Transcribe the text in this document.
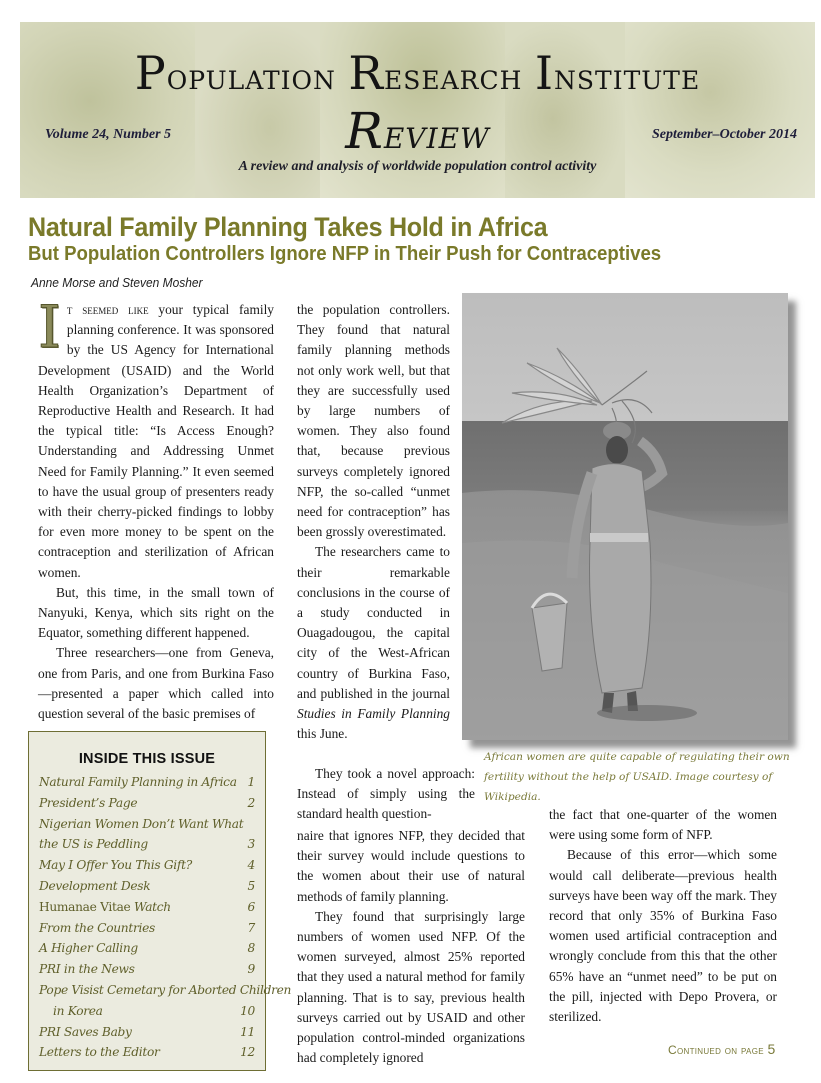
Population Research Institute
Review
Volume 24, Number 5	September–October 2014
A review and analysis of worldwide population control activity
Natural Family Planning Takes Hold in Africa
But Population Controllers Ignore NFP in Their Push for Contraceptives
Anne Morse and Steven Mosher

It seemed like your typical family planning conference. It was sponsored by the US Agency for International Development (USAID) and the World Health Organization’s Department of Reproductive Health and Research. It had the typical title: “Is Access Enough? Understanding and Addressing Unmet Need for Family Planning.” It even seemed to have the usual group of presenters ready with their cherry-picked findings to lobby for even more money to be spent on the contraception and sterilization of African women.

But, this time, in the small town of Nanyuki, Kenya, which sits right on the Equator, something different happened.

Three researchers—one from Geneva, one from Paris, and one from Burkina Faso—presented a paper which called into question several of the basic premises of

the population controllers. They found that natural family planning methods not only work well, but that they are successfully used by large numbers of women. They also found that, because previous surveys completely ignored NFP, the so-called “unmet need for contraception” has been grossly overestimated.

The researchers came to their remarkable conclusions in the course of a study conducted in Ouagadougou, the capital city of the West-African country of Burkina Faso, and published in the journal Studies in Family Planning this June.

They took a novel approach: Instead of simply using the standard health question-

naire that ignores NFP, they decided that their survey would include questions to the women about their use of natural methods of family planning.

They found that surprisingly large numbers of women used NFP. Of the women surveyed, almost 25% reported that they used a natural method for family planning. That is to say, previous health surveys carried out by USAID and other population control-minded organizations had completely ignored

the fact that one-quarter of the women were using some form of NFP.

Because of this error—which some would call deliberate—previous health surveys have been way off the mark. They record that only 35% of Burkina Faso women used artificial contraception and wrongly conclude from this that the other 65% have an “unmet need” to be put on the pill, injected with Depo Provera, or sterilized.

African women are quite capable of regulating their own fertility without the help of USAID. Image courtesy of Wikipedia.
INSIDE THIS ISSUE
Natural Family Planning in Africa 1
President’s Page	2
Nigerian Women Don’t Want What
the US is Peddling	3
May I Offer You This Gift?	4
Development Desk	5
Humanae Vitae Watch	6
From the Countries	7
A Higher Calling	8
PRI in the News	9
Pope Visist Cemetary for Aborted Children
in Korea	10
PRI Saves Baby	11
Letters to the Editor	12	Continued on page 5
